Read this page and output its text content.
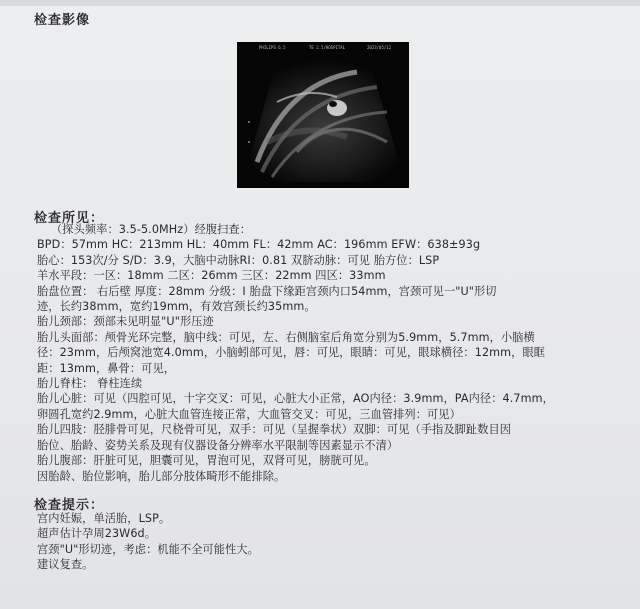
检查影像
PHILIPS 6.5	TE 2.5/HOSPITAL	2023/05/12
检查所见：
（探头频率：3.5-5.0MHz）经腹扫查：
BPD：57mm HC：213mm HL：40mm FL：42mm AC：196mm EFW：638±93g
胎心：153次/分 S/D：3.9，大脑中动脉RI：0.81 双脐动脉：可见 胎方位：LSP
羊水平段：一区：18mm 二区：26mm 三区：22mm 四区：33mm
胎盘位置： 右后壁 厚度：28mm 分级：I 胎盘下缘距宫颈内口54mm，宫颈可见一"U"形切
迹，长约38mm，宽约19mm，有效宫颈长约35mm。
胎儿颈部：颈部未见明显"U"形压迹
胎儿头面部：颅骨光环完整，脑中线：可见，左、右侧脑室后角宽分别为5.9mm，5.7mm，小脑横
径：23mm，后颅窝池宽4.0mm，小脑蚓部可见，唇：可见，眼睛：可见，眼球横径：12mm，眼眶
距：13mm，鼻骨：可见，
胎儿脊柱： 脊柱连续
胎儿心脏：可见（四腔可见，十字交叉：可见，心脏大小正常，AO内径：3.9mm，PA内径：4.7mm，
卵圆孔宽约2.9mm，心脏大血管连接正常，大血管交叉：可见，三血管排列：可见）
胎儿四肢：胫腓骨可见，尺桡骨可见，双手：可见（呈握拳状）双脚：可见（手指及脚趾数目因
胎位、胎龄、姿势关系及现有仪器设备分辨率水平限制等因素显示不清）
胎儿腹部：肝脏可见，胆囊可见，胃泡可见，双肾可见，膀胱可见。
因胎龄、胎位影响，胎儿部分肢体畸形不能排除。
检查提示：
宫内妊娠，单活胎，LSP。
超声估计孕周23W6d。
宫颈"U"形切迹，考虑：机能不全可能性大。
建议复查。
